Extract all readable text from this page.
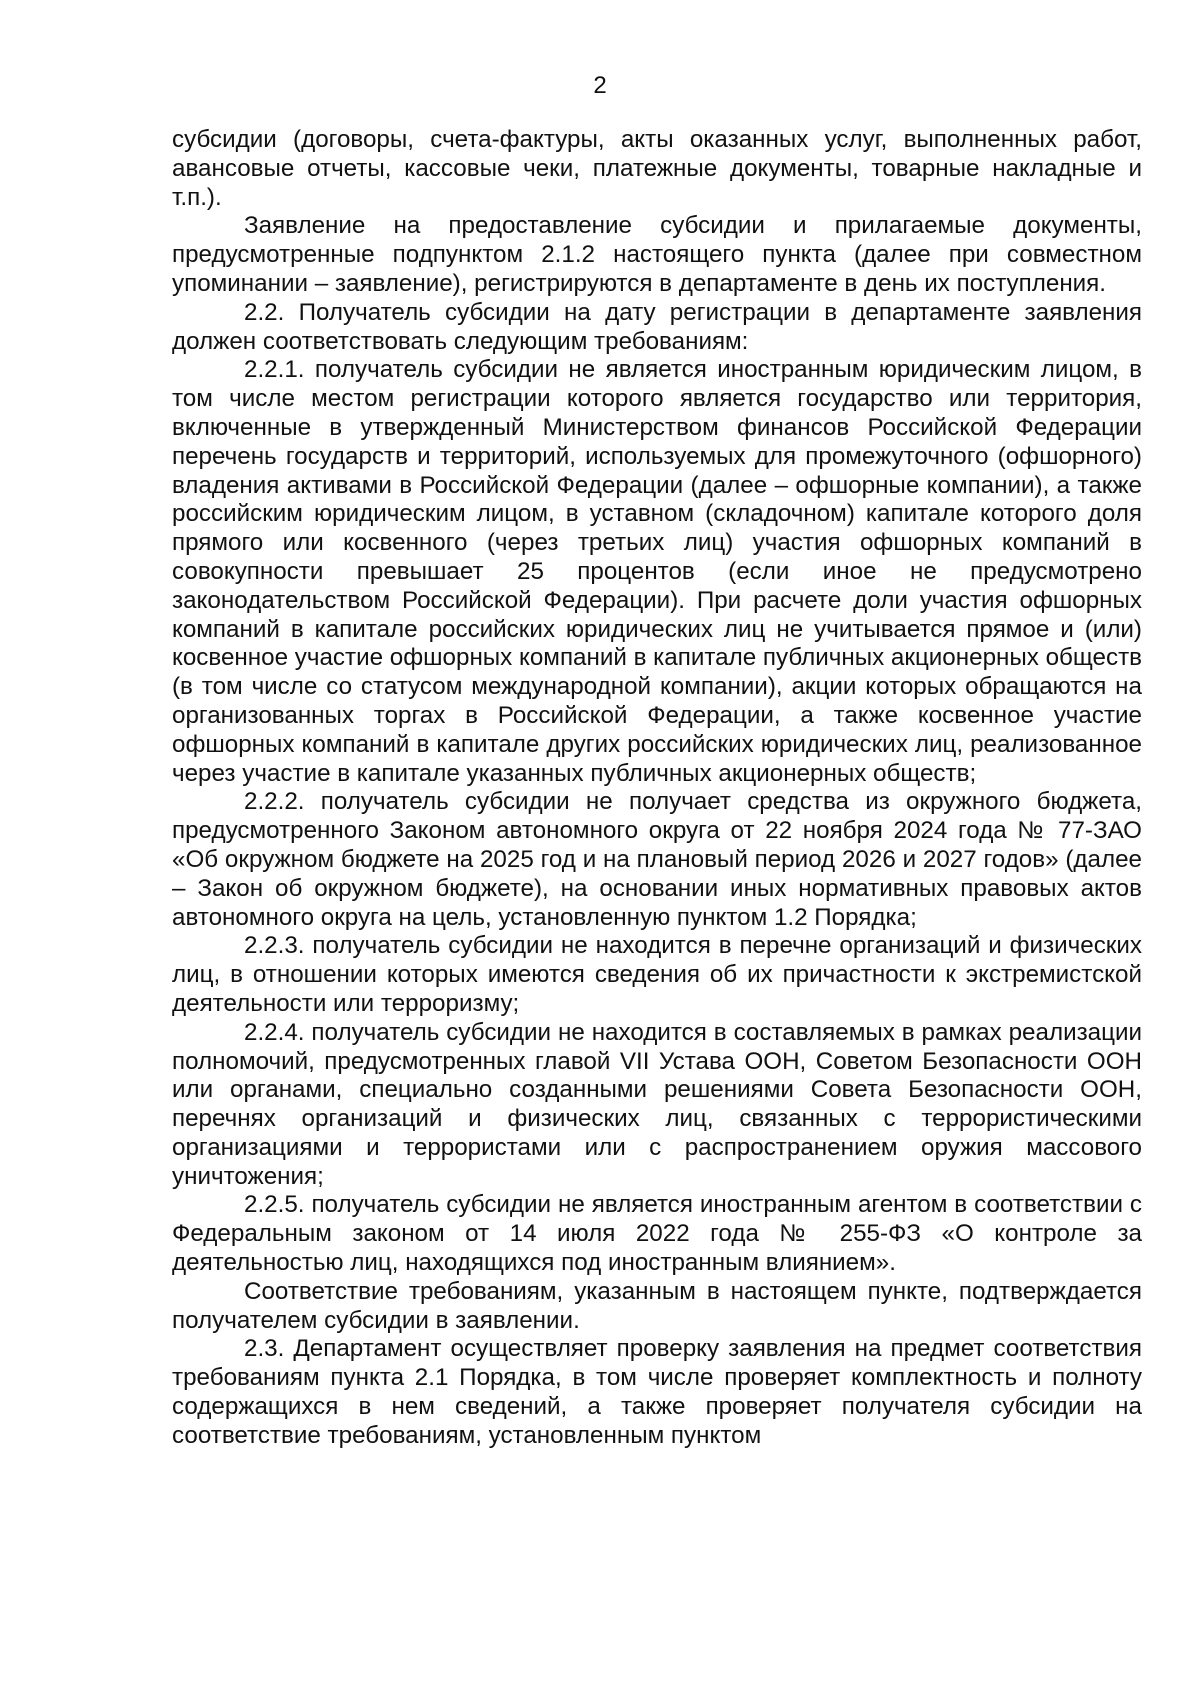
2

субсидии (договоры, счета-фактуры, акты оказанных услуг, выполненных работ, авансовые отчеты, кассовые чеки, платежные документы, товарные накладные и т.п.).

Заявление на предоставление субсидии и прилагаемые документы, предусмотренные подпунктом 2.1.2 настоящего пункта (далее при совместном упоминании – заявление), регистрируются в департаменте в день их поступления.

2.2. Получатель субсидии на дату регистрации в департаменте заявления должен соответствовать следующим требованиям:

2.2.1. получатель субсидии не является иностранным юридическим лицом, в том числе местом регистрации которого является государство или территория, включенные в утвержденный Министерством финансов Российской Федерации перечень государств и территорий, используемых для промежуточного (офшорного) владения активами в Российской Федерации (далее – офшорные компании), а также российским юридическим лицом, в уставном (складочном) капитале которого доля прямого или косвенного (через третьих лиц) участия офшорных компаний в совокупности превышает 25 процентов (если иное не предусмотрено законодательством Российской Федерации). При расчете доли участия офшорных компаний в капитале российских юридических лиц не учитывается прямое и (или) косвенное участие офшорных компаний в капитале публичных акционерных обществ (в том числе со статусом международной компании), акции которых обращаются на организованных торгах в Российской Федерации, а также косвенное участие офшорных компаний в капитале других российских юридических лиц, реализованное через участие в капитале указанных публичных акционерных обществ;

2.2.2. получатель субсидии не получает средства из окружного бюджета, предусмотренного Законом автономного округа от 22 ноября 2024 года № 77-ЗАО «Об окружном бюджете на 2025 год и на плановый период 2026 и 2027 годов» (далее – Закон об окружном бюджете), на основании иных нормативных правовых актов автономного округа на цель, установленную пунктом 1.2 Порядка;

2.2.3. получатель субсидии не находится в перечне организаций и физических лиц, в отношении которых имеются сведения об их причастности к экстремистской деятельности или терроризму;

2.2.4. получатель субсидии не находится в составляемых в рамках реализации полномочий, предусмотренных главой VII Устава ООН, Советом Безопасности ООН или органами, специально созданными решениями Совета Безопасности ООН, перечнях организаций и физических лиц, связанных с террористическими организациями и террористами или с распространением оружия массового уничтожения;

2.2.5. получатель субсидии не является иностранным агентом в соответствии с Федеральным законом от 14 июля 2022 года № 255-ФЗ «О контроле за деятельностью лиц, находящихся под иностранным влиянием».

Соответствие требованиям, указанным в настоящем пункте, подтверждается получателем субсидии в заявлении.

2.3. Департамент осуществляет проверку заявления на предмет соответствия требованиям пункта 2.1 Порядка, в том числе проверяет комплектность и полноту содержащихся в нем сведений, а также проверяет получателя субсидии на соответствие требованиям, установленным пунктом
